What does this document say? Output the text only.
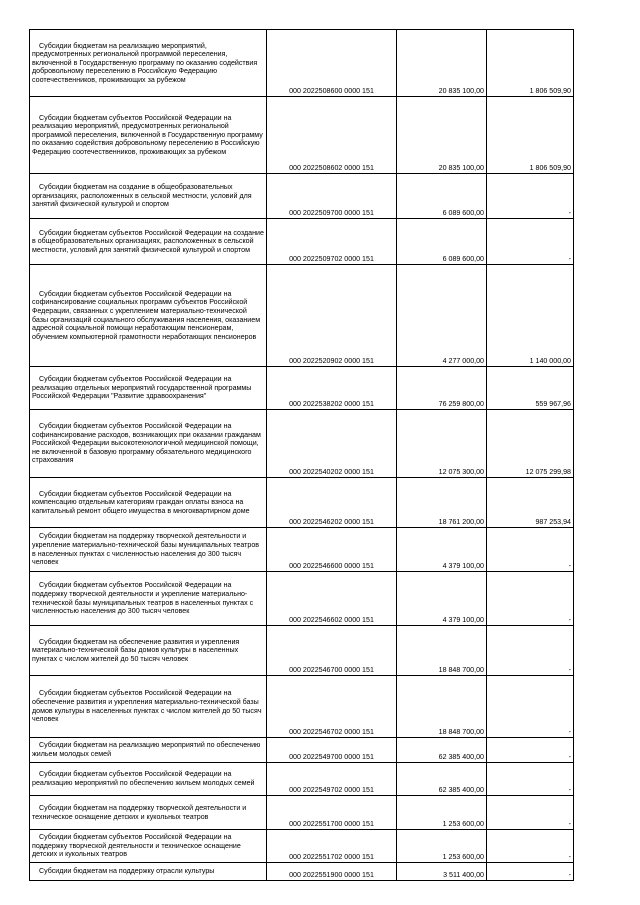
Субсидии бюджетам на реализацию мероприятий, предусмотренных региональной программой переселения, включенной в Государственную программу по оказанию содействия добровольному переселению в Российскую Федерацию соотечественников, проживающих за рубежом	000 2022508600 0000 151	20 835 100,00	1 806 509,90

Субсидии бюджетам субъектов Российской Федерации на реализацию мероприятий, предусмотренных региональной программой переселения, включенной в Государственную программу по оказанию содействия добровольному переселению в Российскую Федерацию соотечественников, проживающих за рубежом	000 2022508602 0000 151	20 835 100,00	1 806 509,90

Субсидии бюджетам на создание в общеобразовательных организациях, расположенных в сельской местности, условий для занятий физической культурой и спортом	000 2022509700 0000 151	6 089 600,00	-

Субсидии бюджетам субъектов Российской Федерации на создание в общеобразовательных организациях, расположенных в сельской местности, условий для занятий физической культурой и спортом	000 2022509702 0000 151	6 089 600,00	-

Субсидии бюджетам субъектов Российской Федерации на софинансирование социальных программ субъектов Российской Федерации, связанных с укреплением материально-технической базы организаций социального обслуживания населения, оказанием адресной социальной помощи неработающим пенсионерам, обучением компьютерной грамотности неработающих пенсионеров	000 2022520902 0000 151	4 277 000,00	1 140 000,00

Субсидии бюджетам субъектов Российской Федерации на реализацию отдельных мероприятий государственной программы Российской Федерации "Развитие здравоохранения"	000 2022538202 0000 151	76 259 800,00	559 967,96

Субсидии бюджетам субъектов Российской Федерации на софинансирование расходов, возникающих при оказании гражданам Российской Федерации высокотехнологичной медицинской помощи, не включенной в базовую программу обязательного медицинского страхования	000 2022540202 0000 151	12 075 300,00	12 075 299,98

Субсидии бюджетам субъектов Российской Федерации на компенсацию отдельным категориям граждан оплаты взноса на капитальный ремонт общего имущества в многоквартирном доме	000 2022546202 0000 151	18 761 200,00	987 253,94

Субсидии бюджетам на поддержку творческой деятельности и укрепление материально-технической базы муниципальных театров в населенных пунктах с численностью населения до 300 тысяч человек	000 2022546600 0000 151	4 379 100,00	-

Субсидии бюджетам субъектов Российской Федерации на поддержку творческой деятельности и укрепление материально-технической базы муниципальных театров в населенных пунктах с численностью населения до 300 тысяч человек	000 2022546602 0000 151	4 379 100,00	-

Субсидии бюджетам на обеспечение развития и укрепления материально-технической базы домов культуры в населенных пунктах с числом жителей до 50 тысяч человек	000 2022546700 0000 151	18 848 700,00	-

Субсидии бюджетам субъектов Российской Федерации на обеспечение развития и укрепления материально-технической базы домов культуры в населенных пунктах с числом жителей до 50 тысяч человек	000 2022546702 0000 151	18 848 700,00	-

Субсидии бюджетам на реализацию мероприятий по обеспечению жильем молодых семей	000 2022549700 0000 151	62 385 400,00	-

Субсидии бюджетам субъектов Российской Федерации на реализацию мероприятий по обеспечению жильем молодых семей	000 2022549702 0000 151	62 385 400,00	-

Субсидии бюджетам на поддержку творческой деятельности и техническое оснащение детских и кукольных театров	000 2022551700 0000 151	1 253 600,00	-

Субсидии бюджетам субъектов Российской Федерации на поддержку творческой деятельности и техническое оснащение детских и кукольных театров	000 2022551702 0000 151	1 253 600,00	-

Субсидии бюджетам на поддержку отрасли культуры	000 2022551900 0000 151	3 511 400,00	-
